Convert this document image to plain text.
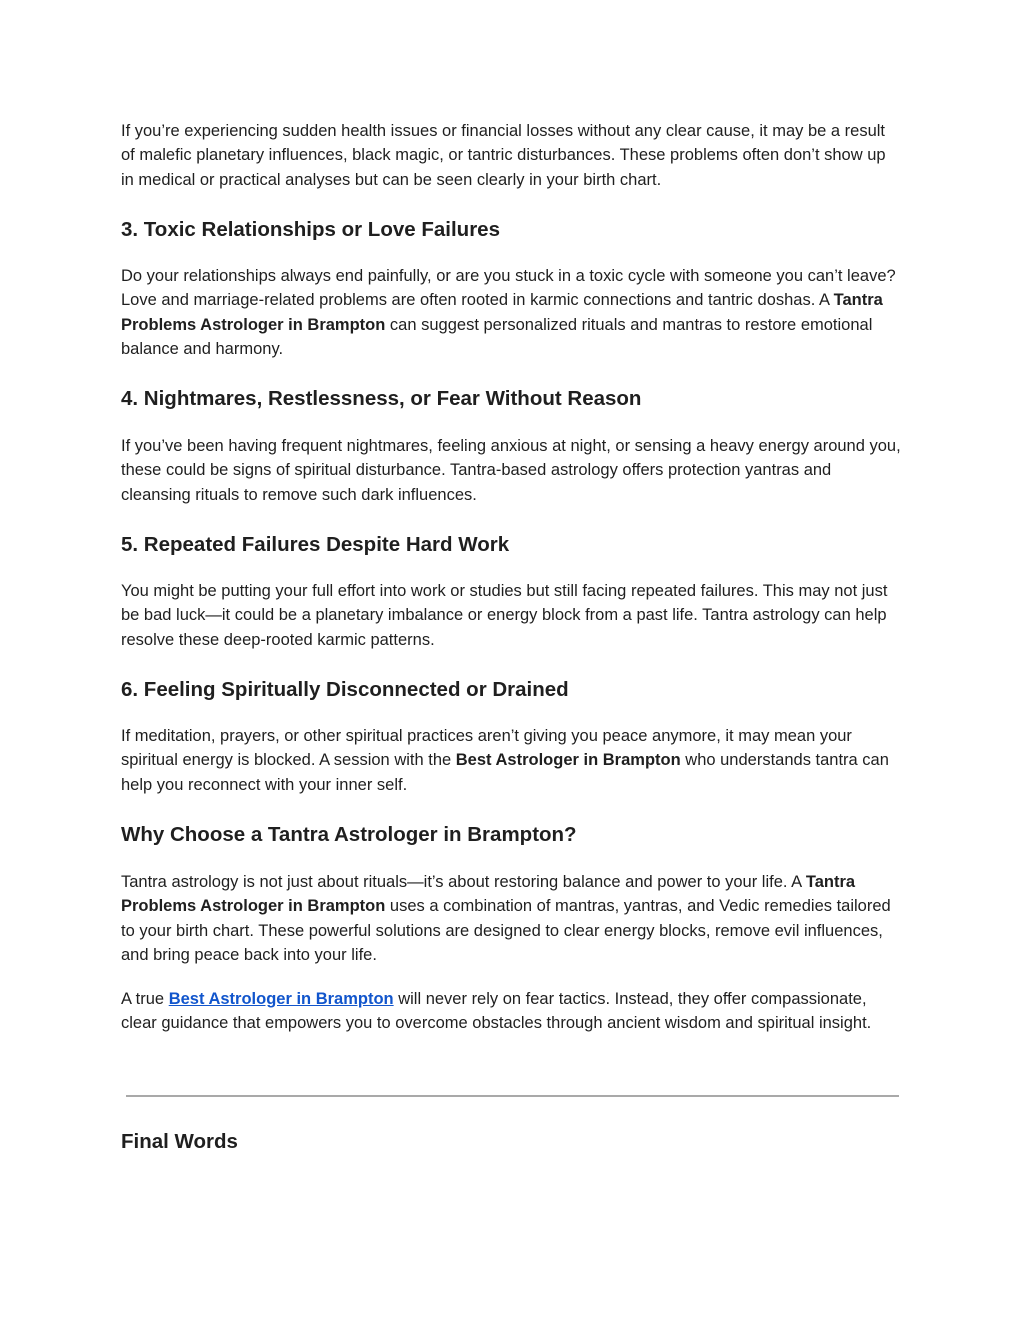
If you’re experiencing sudden health issues or financial losses without any clear cause, it may be a result of malefic planetary influences, black magic, or tantric disturbances. These problems often don’t show up in medical or practical analyses but can be seen clearly in your birth chart.

3. Toxic Relationships or Love Failures

Do your relationships always end painfully, or are you stuck in a toxic cycle with someone you can’t leave? Love and marriage-related problems are often rooted in karmic connections and tantric doshas. A Tantra Problems Astrologer in Brampton can suggest personalized rituals and mantras to restore emotional balance and harmony.

4. Nightmares, Restlessness, or Fear Without Reason

If you’ve been having frequent nightmares, feeling anxious at night, or sensing a heavy energy around you, these could be signs of spiritual disturbance. Tantra-based astrology offers protection yantras and cleansing rituals to remove such dark influences.

5. Repeated Failures Despite Hard Work

You might be putting your full effort into work or studies but still facing repeated failures. This may not just be bad luck—it could be a planetary imbalance or energy block from a past life. Tantra astrology can help resolve these deep-rooted karmic patterns.

6. Feeling Spiritually Disconnected or Drained

If meditation, prayers, or other spiritual practices aren’t giving you peace anymore, it may mean your spiritual energy is blocked. A session with the Best Astrologer in Brampton who understands tantra can help you reconnect with your inner self.

Why Choose a Tantra Astrologer in Brampton?

Tantra astrology is not just about rituals—it’s about restoring balance and power to your life. A Tantra Problems Astrologer in Brampton uses a combination of mantras, yantras, and Vedic remedies tailored to your birth chart. These powerful solutions are designed to clear energy blocks, remove evil influences, and bring peace back into your life.

A true Best Astrologer in Brampton will never rely on fear tactics. Instead, they offer compassionate, clear guidance that empowers you to overcome obstacles through ancient wisdom and spiritual insight.

Final Words
